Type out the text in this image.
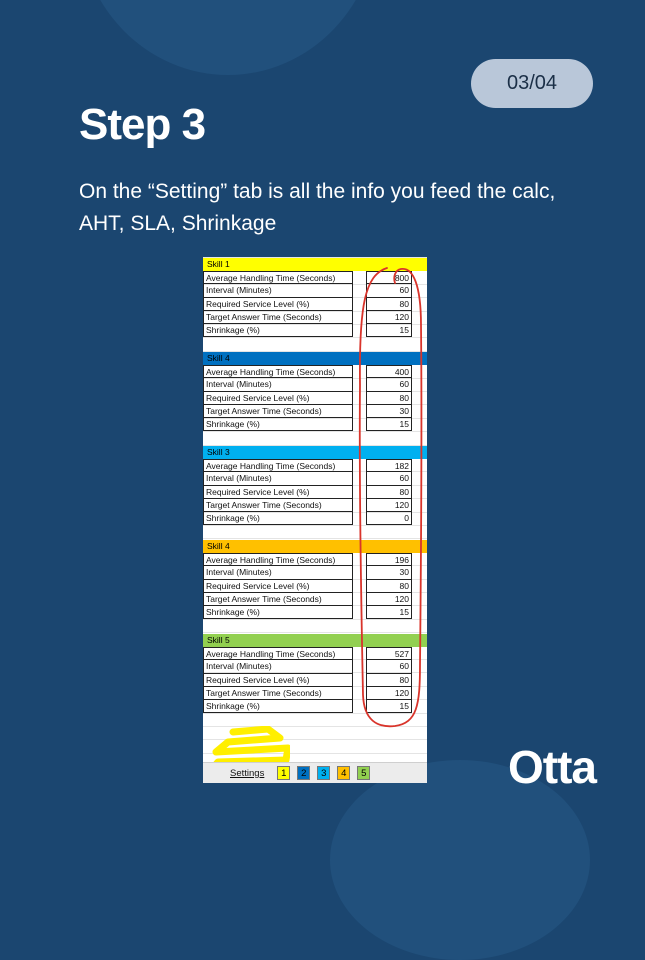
03/04
Step 3

On the “Setting” tab is all the info you feed the calc, AHT, SLA, Shrinkage

Skill 1
Average Handling Time (Seconds)	800
Interval (Minutes)	60
Required Service Level (%)	80
Target Answer Time (Seconds)	120
Shrinkage (%)	15
Skill 4
Average Handling Time (Seconds)	400
Interval (Minutes)	60
Required Service Level (%)	80
Target Answer Time (Seconds)	30
Shrinkage (%)	15
Skill 3
Average Handling Time (Seconds)	182
Interval (Minutes)	60
Required Service Level (%)	80
Target Answer Time (Seconds)	120
Shrinkage (%)	0
Skill 4
Average Handling Time (Seconds)	196
Interval (Minutes)	30
Required Service Level (%)	80
Target Answer Time (Seconds)	120
Shrinkage (%)	15
Skill 5
Average Handling Time (Seconds)	527
Interval (Minutes)	60
Required Service Level (%)	80
Target Answer Time (Seconds)	120
Shrinkage (%)	15
Settings	1	2	3	4	5	Otta
